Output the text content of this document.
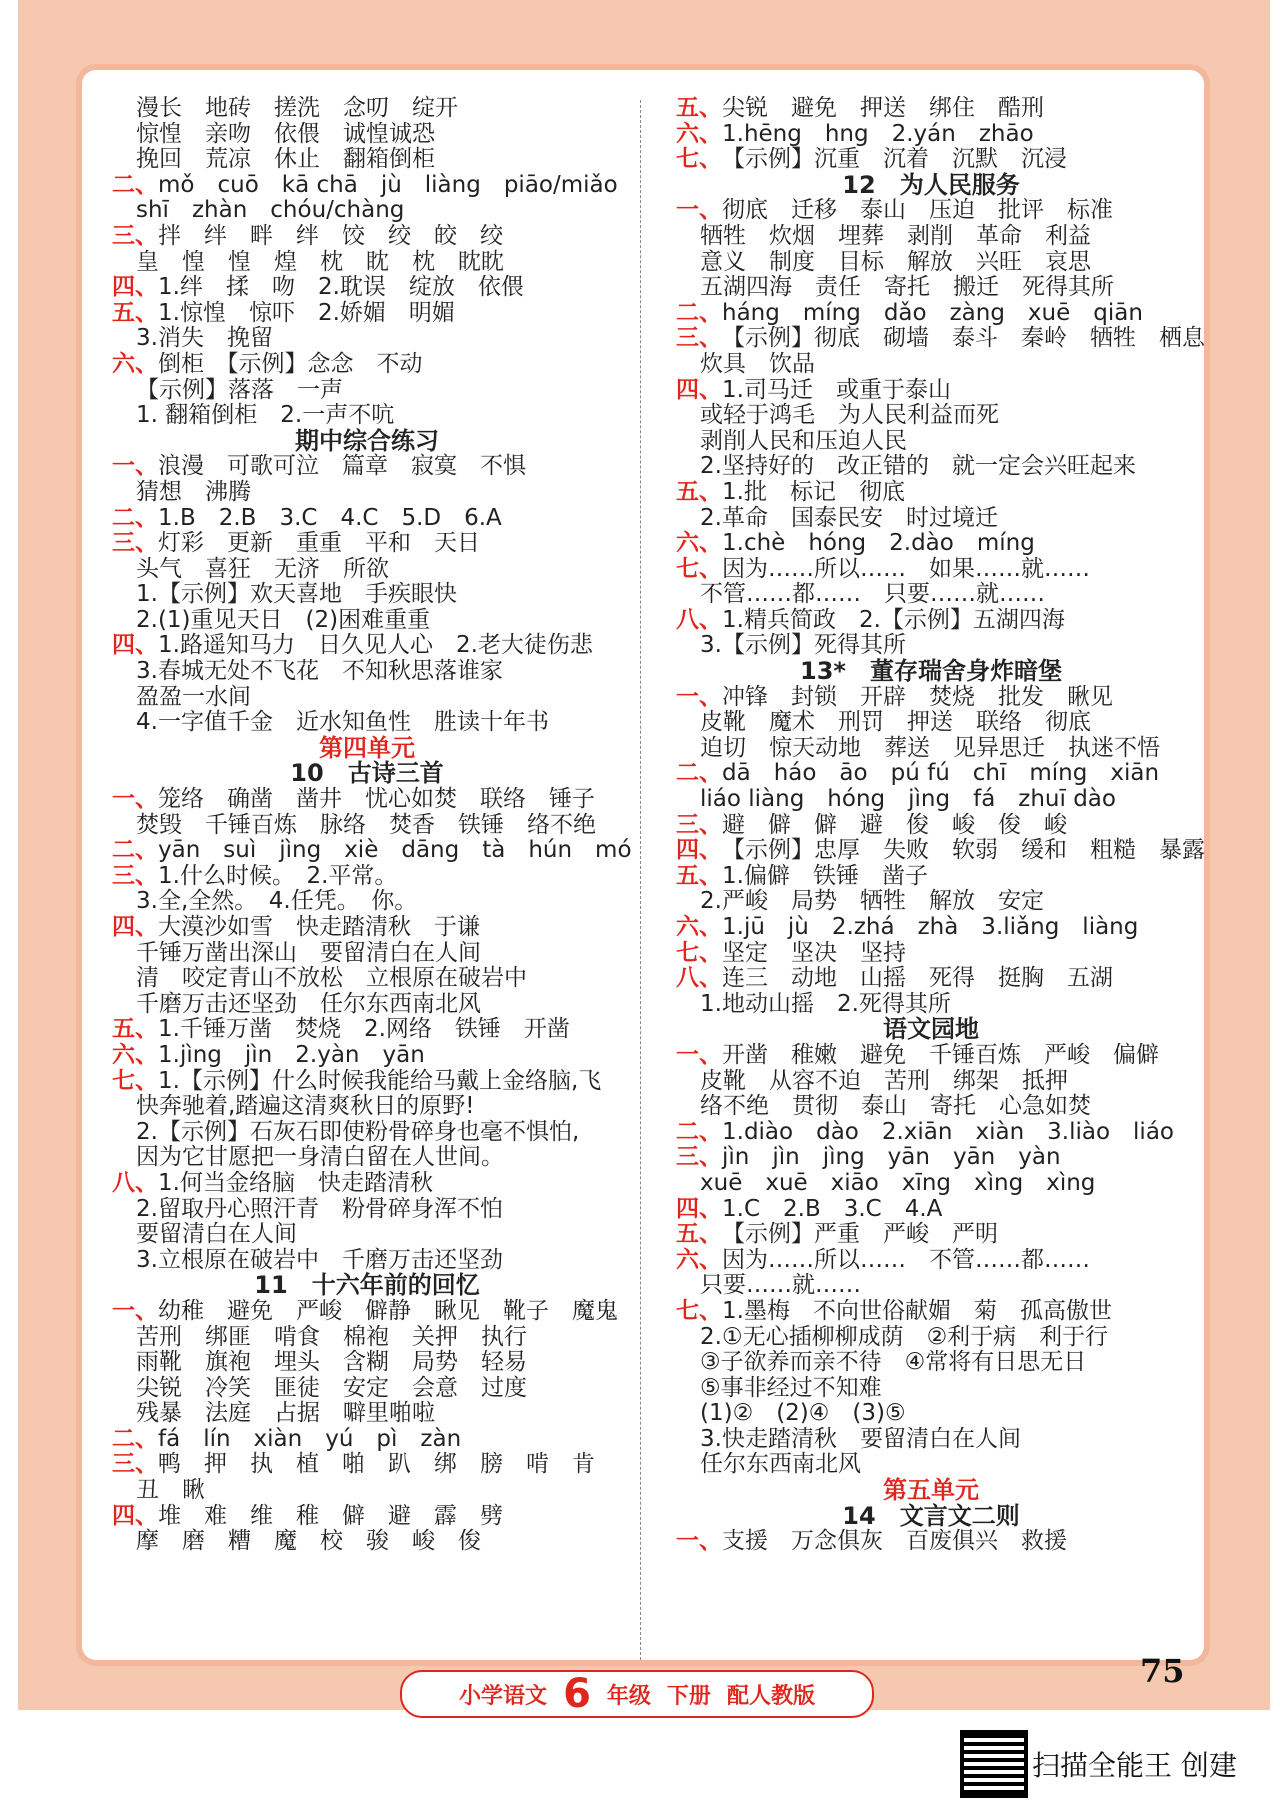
漫长　地砖　搓洗　念叨　绽开
惊惶　亲吻　依偎　诚惶诚恐
挽回　荒凉　休止　翻箱倒柜
二、 mǒ　cuō　kā chā　jù　liàng　piāo/miǎo
shī　zhàn　chóu/chàng
三、 拌　绊　畔　绊　饺　绞　皎　绞
皇　惶　惶　煌　枕　眈　枕　眈眈
四、 1.绊　揉　吻　2.耽误　绽放　依偎
五、 1.惊惶　惊吓　2.娇媚　明媚
3.消失　挽留
六、 倒柜　【示例】念念　不动
【示例】落落　一声
1. 翻箱倒柜　2.一声不吭
期中综合练习
一、 浪漫　可歌可泣　篇章　寂寞　不惧
猜想　沸腾
二、 1.B　2.B　3.C　4.C　5.D　6.A
三、 灯彩　更新　重重　平和　天日
头气　喜狂　无济　所欲
1.【示例】欢天喜地　手疾眼快
2.(1)重见天日　(2)困难重重
四、 1.路遥知马力　日久见人心　2.老大徒伤悲
3.春城无处不飞花　不知秋思落谁家
盈盈一水间
4.一字值千金　近水知鱼性　胜读十年书
第四单元
10　古诗三首
一、 笼络　确凿　凿井　忧心如焚　联络　锤子
焚毁　千锤百炼　脉络　焚香　铁锤　络不绝
二、 yān　suì　jìng　xiè　dāng　tà　hún　mó
三、 1.什么时候。　2.平常。
3.全,全然。　4.任凭。　你。
四、 大漠沙如雪　快走踏清秋　于谦
千锤万凿出深山　要留清白在人间
清　咬定青山不放松　立根原在破岩中
千磨万击还坚劲　任尔东西南北风
五、 1.千锤万凿　焚烧　2.网络　铁锤　开凿
六、 1.jìng　jìn　2.yàn　yān
七、 1.【示例】什么时候我能给马戴上金络脑,飞
快奔驰着,踏遍这清爽秋日的原野!
2.【示例】石灰石即使粉骨碎身也毫不惧怕,
因为它甘愿把一身清白留在人世间。
八、 1.何当金络脑　快走踏清秋
2.留取丹心照汗青　粉骨碎身浑不怕
要留清白在人间
3.立根原在破岩中　千磨万击还坚劲
11　十六年前的回忆
一、 幼稚　避免　严峻　僻静　瞅见　靴子　魔鬼
苦刑　绑匪　啃食　棉袍　关押　执行
雨靴　旗袍　埋头　含糊　局势　轻易
尖锐　冷笑　匪徒　安定　会意　过度
残暴　法庭　占据　噼里啪啦
二、 fá　lín　xiàn　yú　pì　zàn
三、 鸭　押　执　植　啪　趴　绑　膀　啃　肯
丑　瞅
四、 堆　难　维　稚　僻　避　霹　劈
摩　磨　糟　魔　校　骏　峻　俊
五、 尖锐　避免　押送　绑住　酷刑
六、 1.hēng　hng　2.yán　zhāo
七、 【示例】沉重　沉着　沉默　沉浸
12　为人民服务
一、 彻底　迁移　泰山　压迫　批评　标准
牺牲　炊烟　埋葬　剥削　革命　利益
意义　制度　目标　解放　兴旺　哀思
五湖四海　责任　寄托　搬迁　死得其所
二、 háng　míng　dǎo　zàng　xuē　qiān
三、 【示例】彻底　砌墙　泰斗　秦岭　牺牲　栖息
炊具　饮品
四、 1.司马迁　或重于泰山
或轻于鸿毛　为人民利益而死
剥削人民和压迫人民
2.坚持好的　改正错的　就一定会兴旺起来
五、 1.批　标记　彻底
2.革命　国泰民安　时过境迁
六、 1.chè　hóng　2.dào　míng
七、 因为……所以……　如果……就……
不管……都……　只要……就……
八、 1.精兵简政　2.【示例】五湖四海
3.【示例】死得其所
13*　董存瑞舍身炸暗堡
一、 冲锋　封锁　开辟　焚烧　批发　瞅见
皮靴　魔术　刑罚　押送　联络　彻底
迫切　惊天动地　葬送　见异思迁　执迷不悟
二、 dā　háo　āo　pú fú　chī　míng　xiān
liáo liàng　hóng　jìng　fá　zhuī dào
三、 避　僻　僻　避　俊　峻　俊　峻
四、 【示例】忠厚　失败　软弱　缓和　粗糙　暴露
五、 1.偏僻　铁锤　凿子
2.严峻　局势　牺牲　解放　安定
六、 1.jū　jù　2.zhá　zhà　3.liǎng　liàng
七、 坚定　坚决　坚持
八、 连三　动地　山摇　死得　挺胸　五湖
1.地动山摇　2.死得其所
语文园地
一、 开凿　稚嫩　避免　千锤百炼　严峻　偏僻
皮靴　从容不迫　苦刑　绑架　抵押
络不绝　贯彻　泰山　寄托　心急如焚
二、 1.diào　dào　2.xiān　xiàn　3.liào　liáo
三、 jìn　jìn　jìng　yān　yān　yàn
xuē　xuē　xiāo　xīng　xìng　xìng
四、 1.C　2.B　3.C　4.A
五、 【示例】严重　严峻　严明
六、 因为……所以……　不管……都……
只要……就……
七、 1.墨梅　不向世俗献媚　菊　孤高傲世
2.①无心插柳柳成荫　②利于病　利于行
③子欲养而亲不待　④常将有日思无日
⑤事非经过不知难
(1)②　(2)④　(3)⑤
3.快走踏清秋　要留清白在人间
任尔东西南北风
第五单元
14　文言文二则
一、 支援　万念俱灰　百废俱兴　救援
小学语文 6 年级 下册 配人教版
75
扫描全能王 创建
